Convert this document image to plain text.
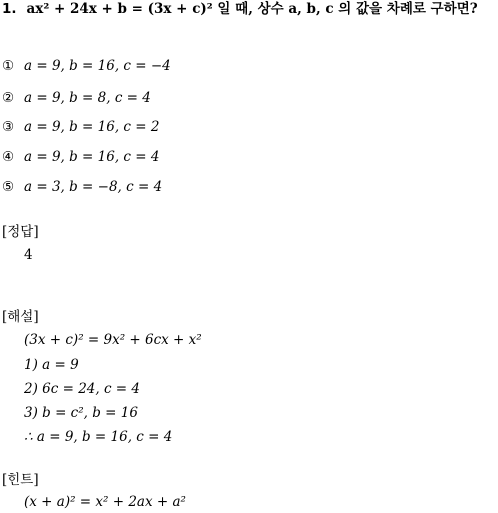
1. ax² + 24x + b = (3x + c)² 일 때, 상수 a, b, c 의 값을 차례로 구하면?
① a = 9, b = 16, c = −4
② a = 9, b = 8, c = 4
③ a = 9, b = 16, c = 2
④ a = 9, b = 16, c = 4
⑤ a = 3, b = −8, c = 4
[정답]
4
[해설]
(3x + c)² = 9x² + 6cx + x²
1) a = 9
2) 6c = 24, c = 4
3) b = c², b = 16
∴ a = 9, b = 16, c = 4
[힌트]
(x + a)² = x² + 2ax + a²
